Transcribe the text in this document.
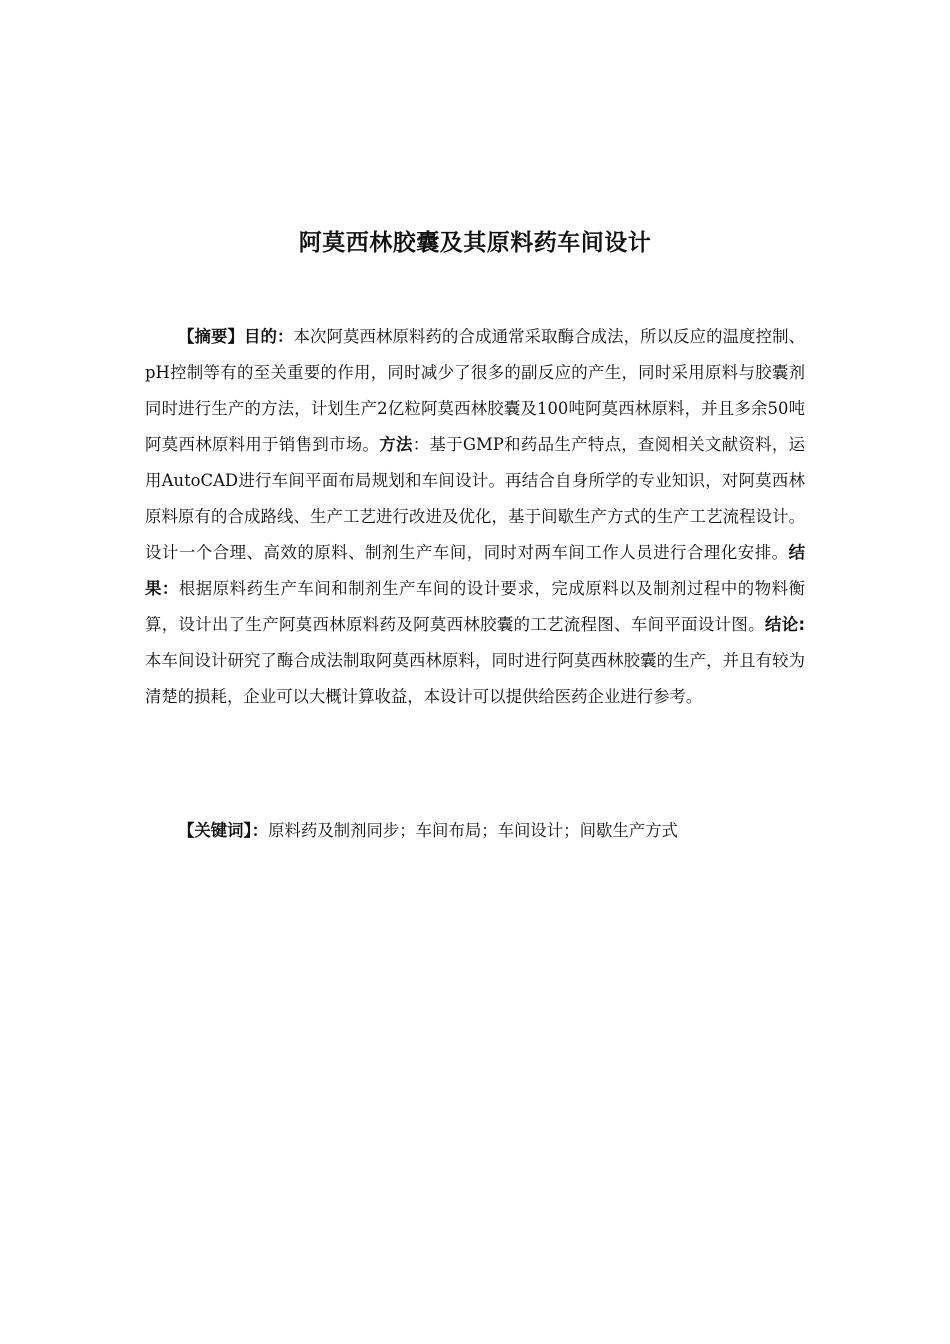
阿莫西林胶囊及其原料药车间设计

【摘要】目的：本次阿莫西林原料药的合成通常采取酶合成法，所以反应的温度控制、pH控制等有的至关重要的作用，同时减少了很多的副反应的产生，同时采用原料与胶囊剂同时进行生产的方法，计划生产2亿粒阿莫西林胶囊及100吨阿莫西林原料，并且多余50吨阿莫西林原料用于销售到市场。方法：基于GMP和药品生产特点，查阅相关文献资料，运用AutoCAD进行车间平面布局规划和车间设计。再结合自身所学的专业知识，对阿莫西林原料原有的合成路线、生产工艺进行改进及优化，基于间歇生产方式的生产工艺流程设计。设计一个合理、高效的原料、制剂生产车间，同时对两车间工作人员进行合理化安排。结果：根据原料药生产车间和制剂生产车间的设计要求，完成原料以及制剂过程中的物料衡算，设计出了生产阿莫西林原料药及阿莫西林胶囊的工艺流程图、车间平面设计图。结论:本车间设计研究了酶合成法制取阿莫西林原料，同时进行阿莫西林胶囊的生产，并且有较为清楚的损耗，企业可以大概计算收益，本设计可以提供给医药企业进行参考。

【关键词】：原料药及制剂同步；车间布局；车间设计；间歇生产方式
